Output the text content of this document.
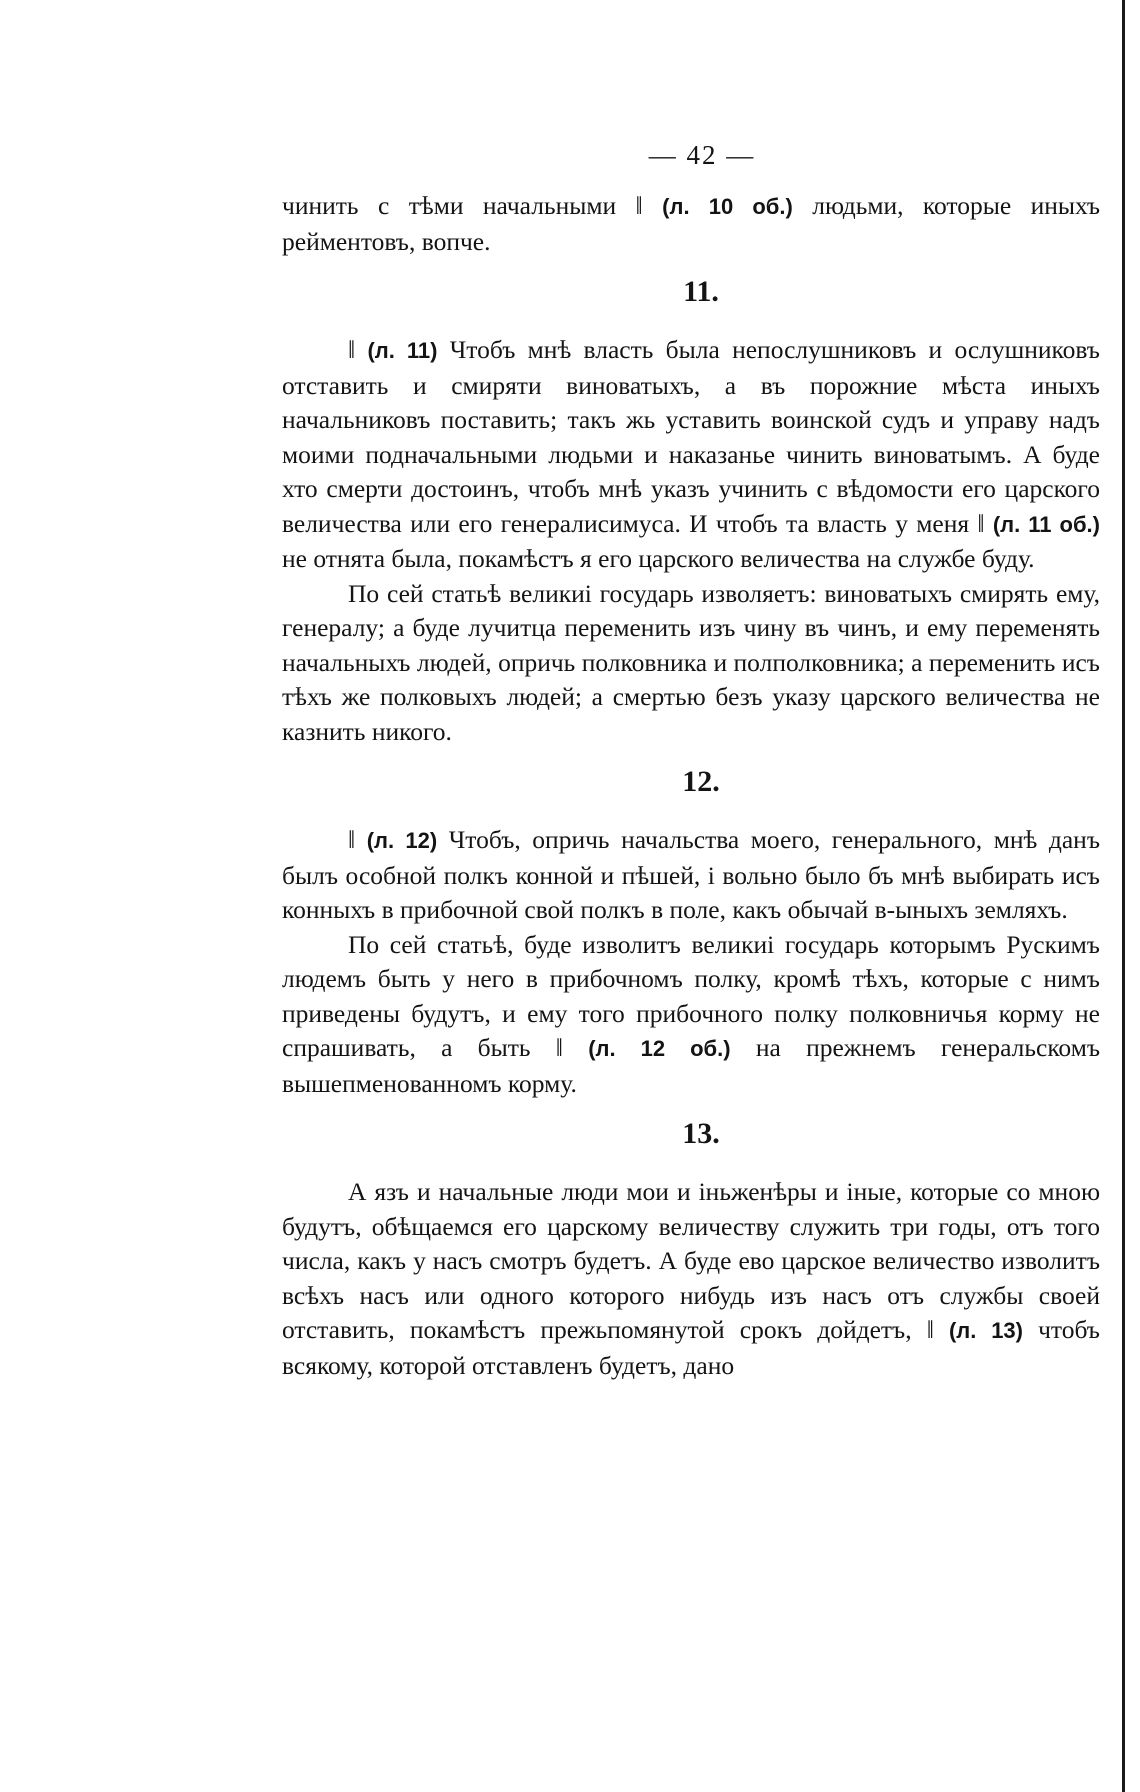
— 42 —

чинить с тѣми начальными ‖ (л. 10 об.) людьми, которые иныхъ рейментовъ, вопче.

11.

‖ (л. 11) Чтобъ мнѣ власть была непослушниковъ и ослушниковъ отставить и смиряти виноватыхъ, а въ порожние мѣста иныхъ начальниковъ поставить; такъ жь уставить воинской судъ и управу надъ моими подначальными людьми и наказанье чинить виноватымъ. А буде хто смерти достоинъ, чтобъ мнѣ указъ учинить с вѣдомости его царского величества или его генералисимуса. И чтобъ та власть у меня ‖ (л. 11 об.) не отнята была, покамѣстъ я его царского величества на службе буду.

По сей статьѣ великиі государь изволяетъ: виноватыхъ смирять ему, генералу; а буде лучитца переменить изъ чину въ чинъ, и ему переменять начальныхъ людей, опричь полковника и полполковника; а переменить исъ тѣхъ же полковыхъ людей; а смертью безъ указу царского величества не казнить никого.

12.

‖ (л. 12) Чтобъ, опричь начальства моего, генерального, мнѣ данъ былъ особной полкъ конной и пѣшей, і вольно было бъ мнѣ выбирать исъ конныхъ в прибочной свой полкъ в поле, какъ обычай в-ыныхъ земляхъ.

По сей статьѣ, буде изволитъ великиі государь которымъ Рускимъ людемъ быть у него в прибочномъ полку, кромѣ тѣхъ, которые с нимъ приведены будутъ, и ему того прибочного полку полковничья корму не спрашивать, а быть ‖ (л. 12 об.) на прежнемъ генеральскомъ вышепменованномъ корму.

13.

А язъ и начальные люди мои и іньженѣры и іные, которые со мною будутъ, обѣщаемся его царскому величеству служить три годы, отъ того числа, какъ у насъ смотръ будетъ. А буде ево царское величество изволитъ всѣхъ насъ или одного которого нибудь изъ насъ отъ службы своей отставить, покамѣстъ прежьпомянутой срокъ дойдетъ, ‖ (л. 13) чтобъ всякому, которой отставленъ будетъ, дано
